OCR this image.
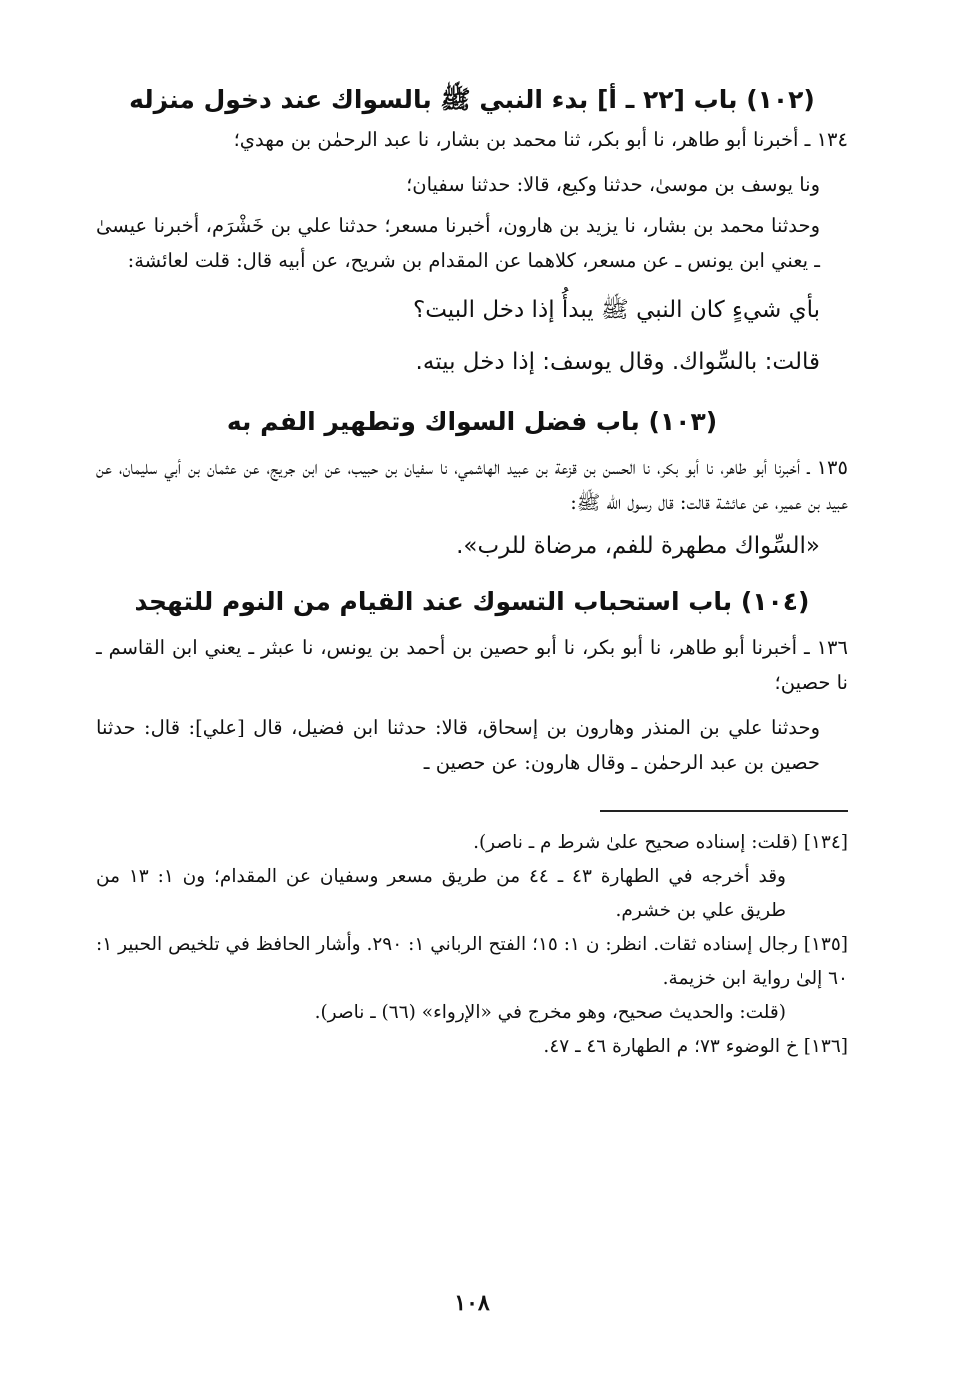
(١٠٢) باب [٢٢ ـ أ] بدء النبي ﷺ بالسواك عند دخول منزله

١٣٤ ـ أخبرنا أبو طاهر، نا أبو بكر، ثنا محمد بن بشار، نا عبد الرحمٰن بن مهدي؛

ونا يوسف بن موسىٰ، حدثنا وكيع، قالا: حدثنا سفيان؛

وحدثنا محمد بن بشار، نا يزيد بن هارون، أخبرنا مسعر؛ حدثنا علي بن خَشْرَم، أخبرنا عيسىٰ ـ يعني ابن يونس ـ عن مسعر، كلاهما عن المقدام بن شريح، عن أبيه قال: قلت لعائشة:

بأي شيءٍ كان النبي ﷺ يبدأُ إذا دخل البيت؟

قالت: بالسِّواك. وقال يوسف: إذا دخل بيته.

(١٠٣) باب فضل السواك وتطهير الفم به

١٣٥ ـ أخبرنا أبو طاهر، نا أبو بكر، نا الحسن بن قزعة بن عبيد الهاشمي، نا سفيان بن حبيب، عن ابن جريج، عن عثمان بن أبي سليمان، عن عبيد بن عمير، عن عائشة قالت: قال رسول الله ﷺ:

«السِّواك مطهرة للفم، مرضاة للرب».

(١٠٤) باب استحباب التسوك عند القيام من النوم للتهجد

١٣٦ ـ أخبرنا أبو طاهر، نا أبو بكر، نا أبو حصين بن أحمد بن يونس، نا عبثر ـ يعني ابن القاسم ـ نا حصين؛

وحدثنا علي بن المنذر وهارون بن إسحاق، قالا: حدثنا ابن فضيل، قال [علي]: قال: حدثنا حصين بن عبد الرحمٰن ـ وقال هارون: عن حصين ـ

[١٣٤] (قلت: إسناده صحيح علىٰ شرط م ـ ناصر).

وقد أخرجه في الطهارة ٤٣ ـ ٤٤ من طريق مسعر وسفيان عن المقدام؛ ون ١: ١٣ من طريق علي بن خشرم.

[١٣٥] رجال إسناده ثقات. انظر: ن ١: ١٥؛ الفتح الرباني ١: ٢٩٠. وأشار الحافظ في تلخيص الحبير ١: ٦٠ إلىٰ رواية ابن خزيمة.

(قلت: والحديث صحيح، وهو مخرج في «الإرواء» (٦٦) ـ ناصر).

[١٣٦] خ الوضوء ٧٣؛ م الطهارة ٤٦ ـ ٤٧.

١٠٨
